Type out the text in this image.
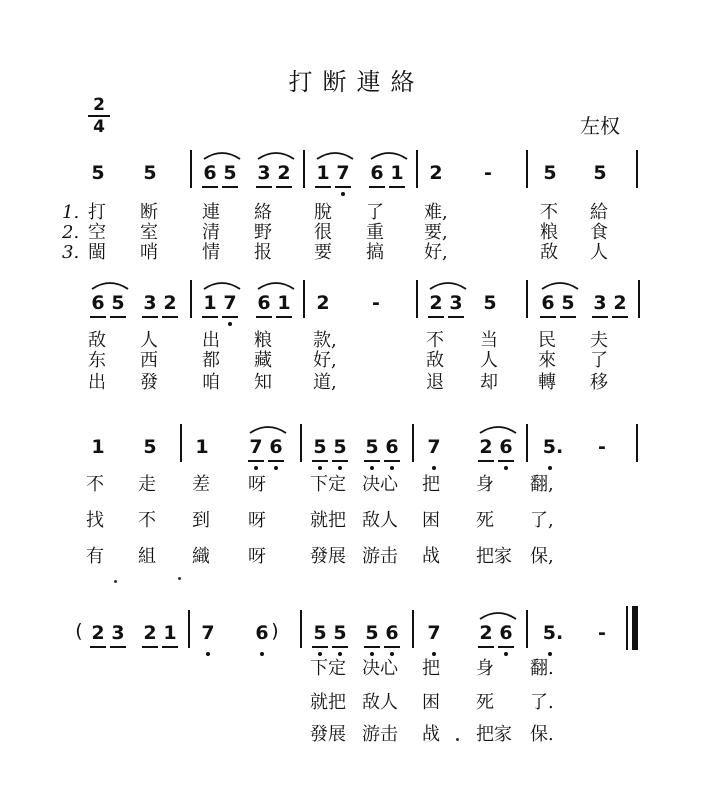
打断連絡
左权
2
4
5 5 6 5 3 2 1 7 6 1 2	-	5 5
1.
2.
3.
打 断 連 絡 脫 了 难,	不 給
空 室 清 野 很 重 要,	粮 食
閩 哨 情 报 要 搞 好,	敌 人
6 5 3 2 1 7 6 1 2	-	2 3 5 6 5 3 2
敌 人 出 粮 款,	不 当 民 夫
东 西 都 藏 好,	敌 人 來 了
出 發 咱 知 道,	退 却 轉 移
1 5 1 7 6 5 5 5 6 7 2 6 5.	-
不 走 差 呀 下定 决心 把 身 翻,
找 不 到 呀 就把 敌人 困 死 了,
有 組 織 呀 發展 游击 战 把家 保,
( 2 3 2 1 7 6 ) 5 5 5 6 7 2 6 5.	-
下定 决心 把 身 翻.
就把 敌人 困 死 了.
發展 游击 战 把家 保.
